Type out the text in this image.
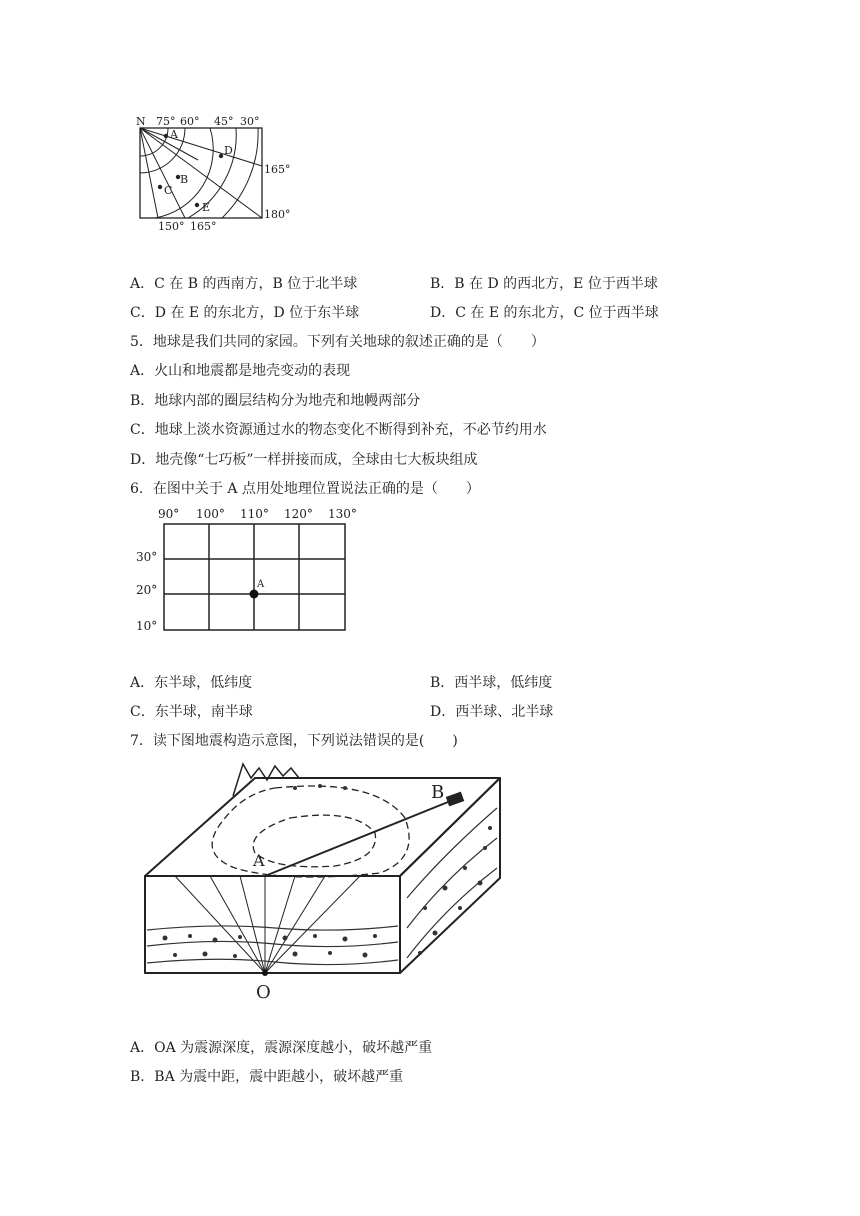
N 75° 60° 45° 30°
165°
180°
150° 165°
A
B
C
D
E
A．C 在 B 的西南方，B 位于北半球	B．B 在 D 的西北方，E 位于西半球
C．D 在 E 的东北方，D 位于东半球	D．C 在 E 的东北方，C 位于西半球
5．地球是我们共同的家园。下列有关地球的叙述正确的是（　　）
A．火山和地震都是地壳变动的表现
B．地球内部的圈层结构分为地壳和地幔两部分
C．地球上淡水资源通过水的物态变化不断得到补充，不必节约用水
D．地壳像“七巧板”一样拼接而成，全球由七大板块组成
6．在图中关于 A 点用处地理位置说法正确的是（　　）
90° 100° 110° 120° 130°
30°
20°
10°
A
A．东半球，低纬度	B．西半球，低纬度
C．东半球，南半球	D．西半球、北半球
7．读下图地震构造示意图，下列说法错误的是(　　)
A
B
O
A．OA 为震源深度，震源深度越小，破坏越严重
B．BA 为震中距，震中距越小，破坏越严重
